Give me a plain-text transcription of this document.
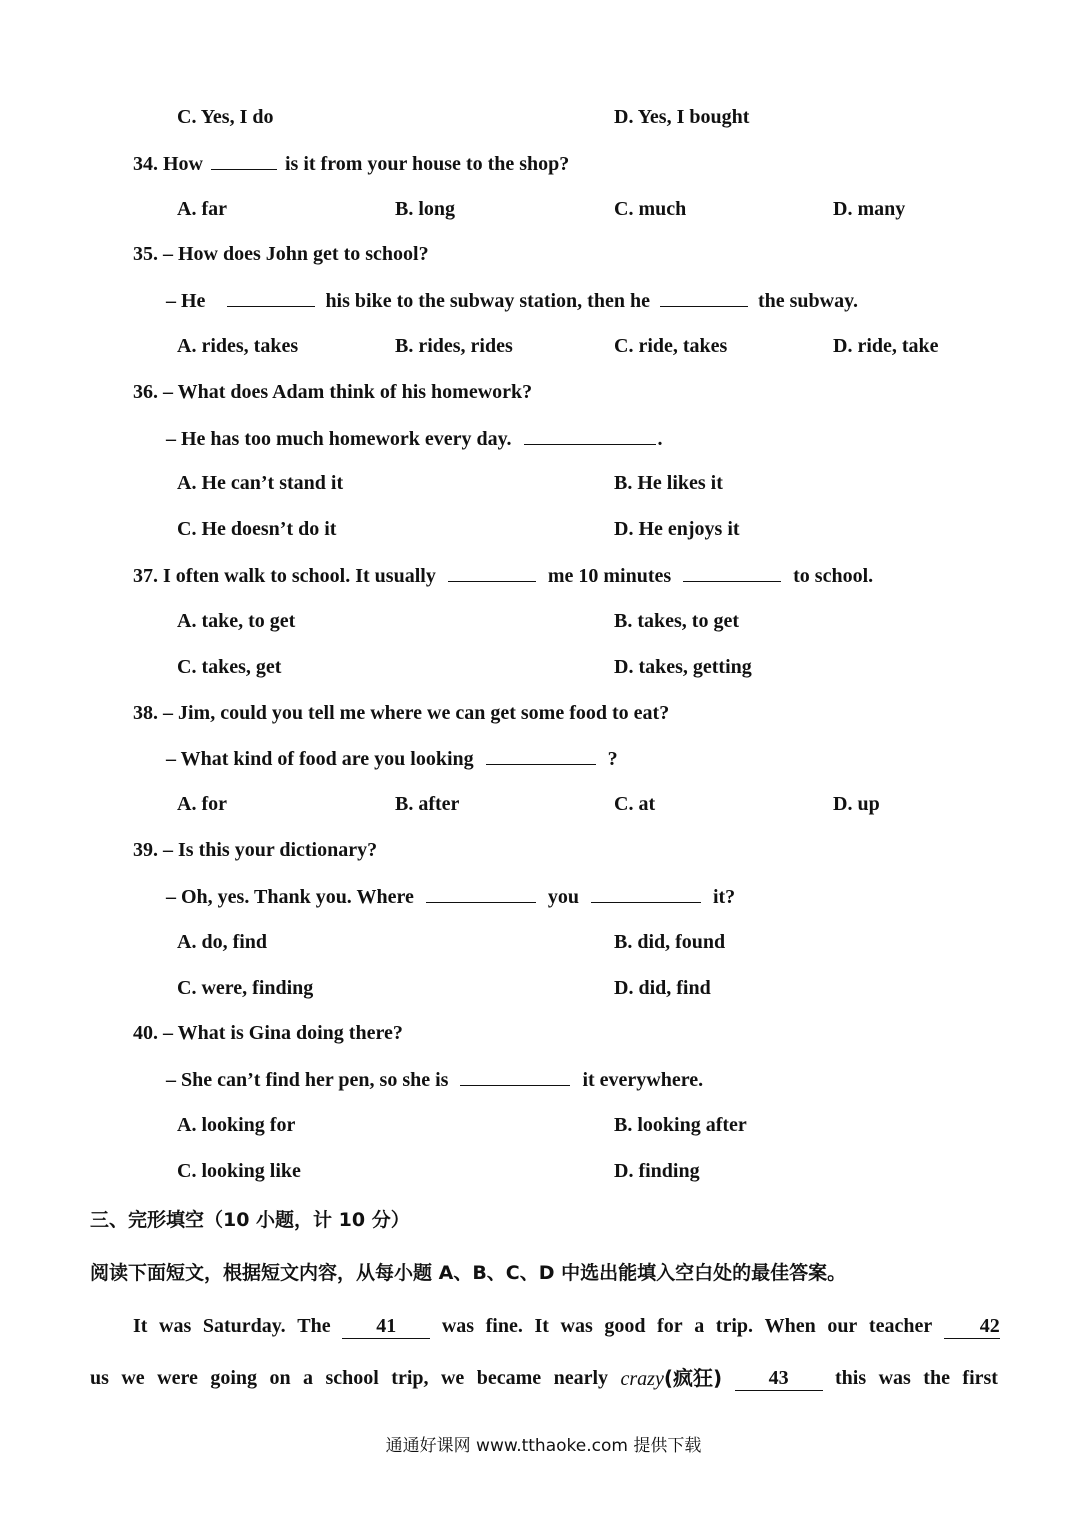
C. Yes, I do	D. Yes, I bought
34. How	is it from your house to the shop?
A. far	B. long	C. much	D. many
35. – How does John get to school?
– He	his bike to the subway station, then he	the subway.
A. rides, takes	B. rides, rides	C. ride, takes	D. ride, take
36. – What does Adam think of his homework?
– He has too much homework every day.	.
A. He can’t stand it	B. He likes it
C. He doesn’t do it	D. He enjoys it
37. I often walk to school. It usually	me 10 minutes	to school.
A. take, to get	B. takes, to get
C. takes, get	D. takes, getting
38. – Jim, could you tell me where we can get some food to eat?
– What kind of food are you looking	?
A. for	B. after	C. at	D. up
39. – Is this your dictionary?
– Oh, yes. Thank you. Where	you	it?
A. do, find	B. did, found
C. were, finding	D. did, find
40. – What is Gina doing there?
– She can’t find her pen, so she is	it everywhere.
A. looking for	B. looking after
C. looking like	D. finding
三、完形填空（10 小题，计 10 分）
阅读下面短文，根据短文内容，从每小题 A、B、C、D 中选出能填入空白处的最佳答案。
It was Saturday. The	41	was fine. It was good for a trip. When our teacher	42
us we were going on a school trip, we became nearly crazy(疯狂)	43	this was the first
通通好课网 www.tthaoke.com 提供下载
